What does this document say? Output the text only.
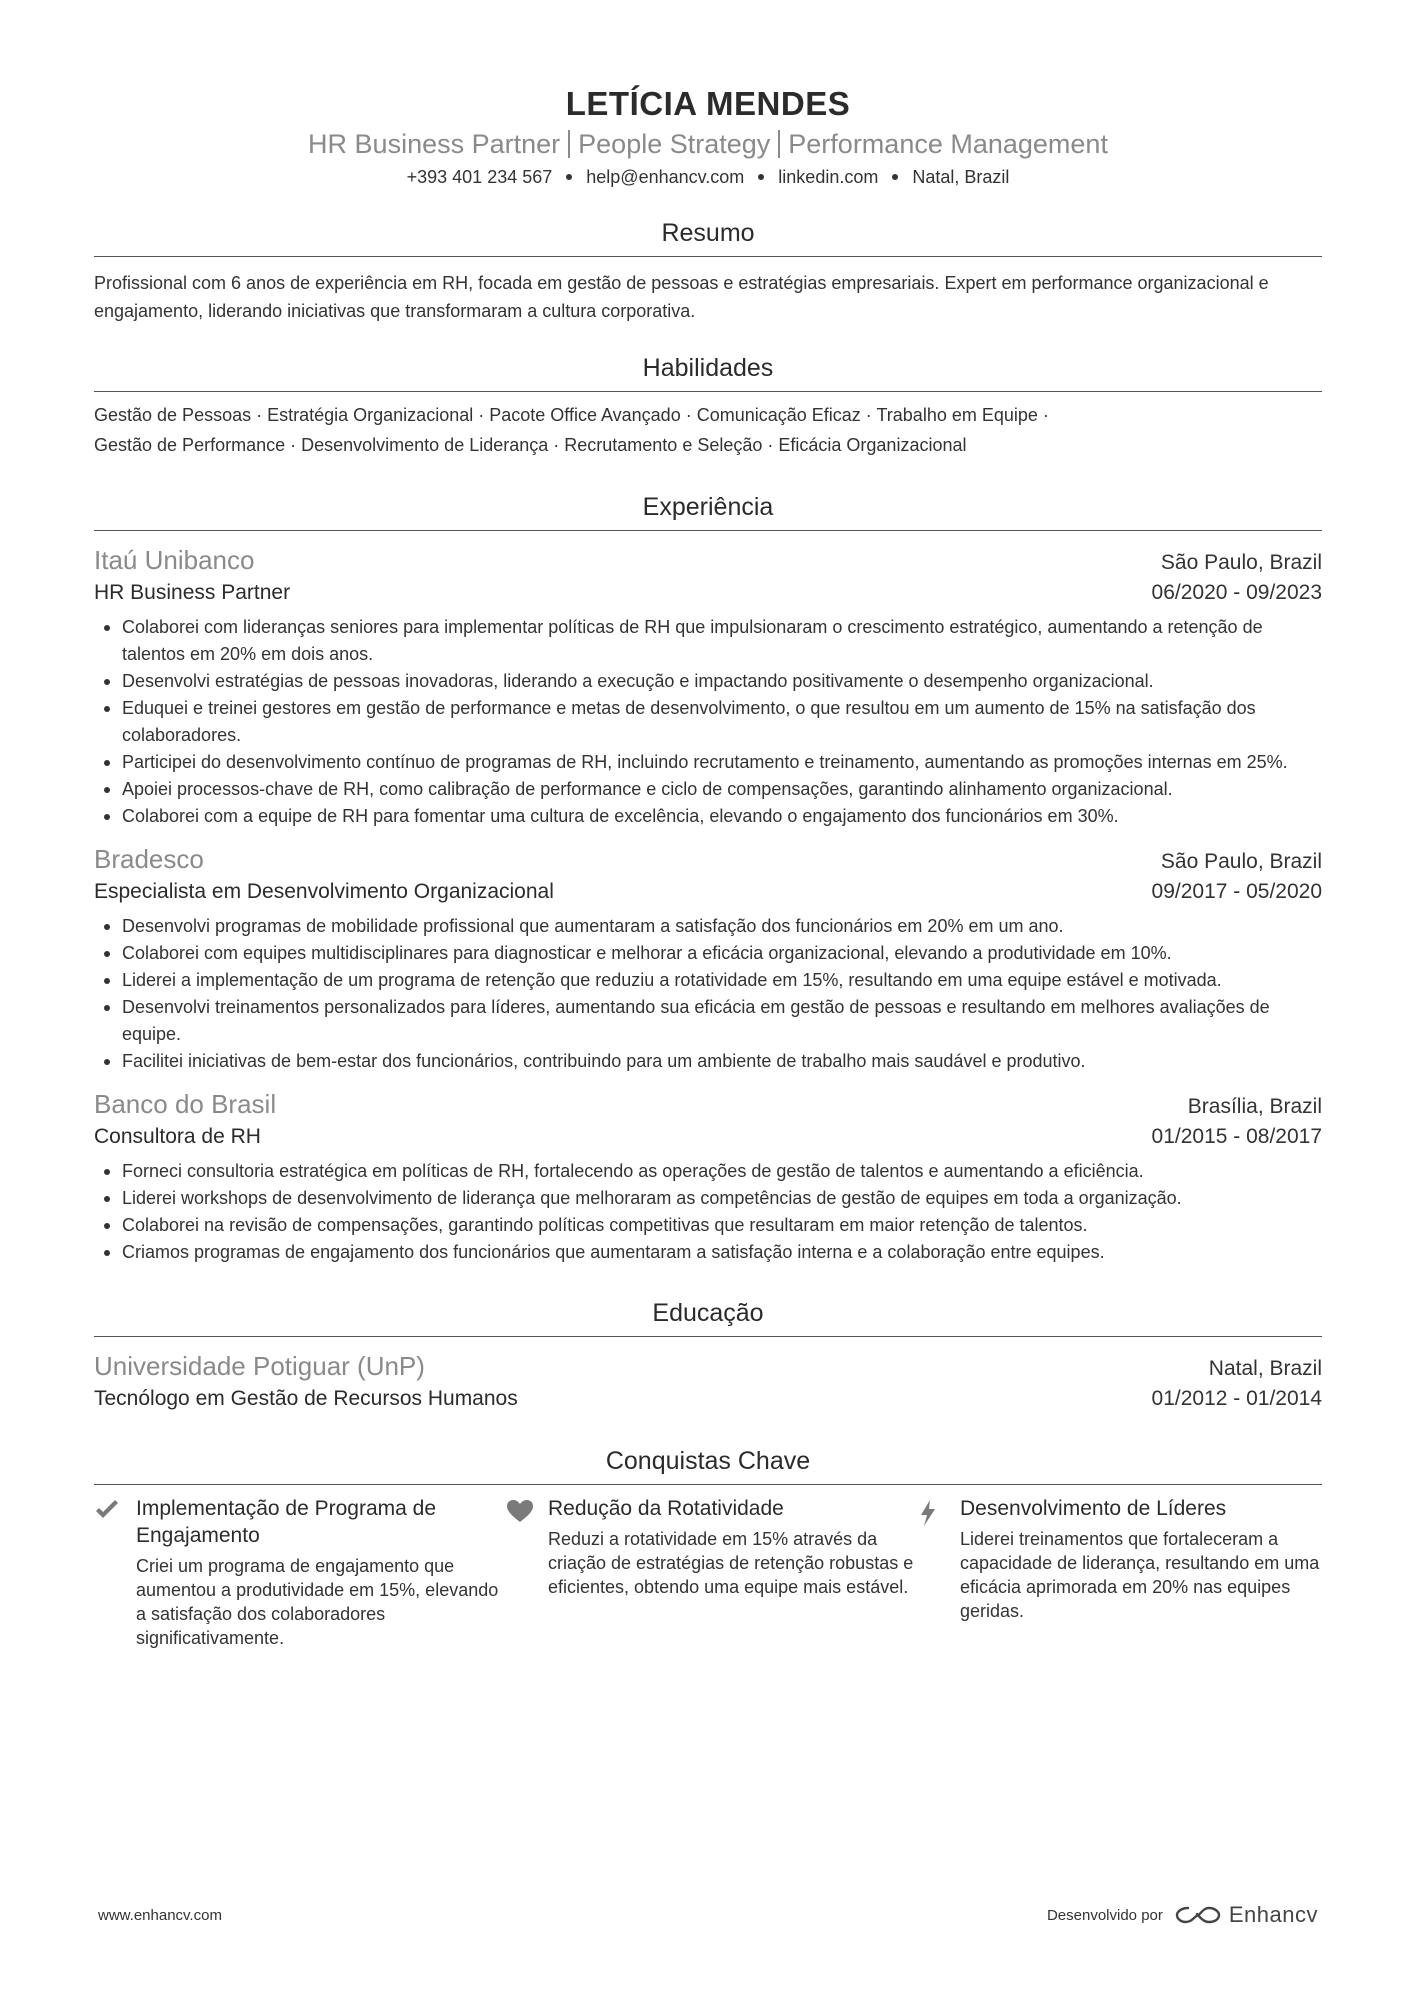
LETÍCIA MENDES
HR Business Partner People Strategy Performance Management
+393 401 234 567 help@enhancv.com linkedin.com Natal, Brazil
Resumo
Profissional com 6 anos de experiência em RH, focada em gestão de pessoas e estratégias empresariais. Expert em performance organizacional e engajamento, liderando iniciativas que transformaram a cultura corporativa.
Habilidades
Gestão de Pessoas · Estratégia Organizacional · Pacote Office Avançado · Comunicação Eficaz · Trabalho em Equipe ·
Gestão de Performance · Desenvolvimento de Liderança · Recrutamento e Seleção · Eficácia Organizacional
Experiência
Itaú Unibanco	São Paulo, Brazil
HR Business Partner	06/2020 - 09/2023
Colaborei com lideranças seniores para implementar políticas de RH que impulsionaram o crescimento estratégico, aumentando a retenção de talentos em 20% em dois anos.
Desenvolvi estratégias de pessoas inovadoras, liderando a execução e impactando positivamente o desempenho organizacional.
Eduquei e treinei gestores em gestão de performance e metas de desenvolvimento, o que resultou em um aumento de 15% na satisfação dos colaboradores.
Participei do desenvolvimento contínuo de programas de RH, incluindo recrutamento e treinamento, aumentando as promoções internas em 25%.
Apoiei processos-chave de RH, como calibração de performance e ciclo de compensações, garantindo alinhamento organizacional.
Colaborei com a equipe de RH para fomentar uma cultura de excelência, elevando o engajamento dos funcionários em 30%.
Bradesco	São Paulo, Brazil
Especialista em Desenvolvimento Organizacional	09/2017 - 05/2020
Desenvolvi programas de mobilidade profissional que aumentaram a satisfação dos funcionários em 20% em um ano.
Colaborei com equipes multidisciplinares para diagnosticar e melhorar a eficácia organizacional, elevando a produtividade em 10%.
Liderei a implementação de um programa de retenção que reduziu a rotatividade em 15%, resultando em uma equipe estável e motivada.
Desenvolvi treinamentos personalizados para líderes, aumentando sua eficácia em gestão de pessoas e resultando em melhores avaliações de equipe.
Facilitei iniciativas de bem-estar dos funcionários, contribuindo para um ambiente de trabalho mais saudável e produtivo.
Banco do Brasil	Brasília, Brazil
Consultora de RH	01/2015 - 08/2017
Forneci consultoria estratégica em políticas de RH, fortalecendo as operações de gestão de talentos e aumentando a eficiência.
Liderei workshops de desenvolvimento de liderança que melhoraram as competências de gestão de equipes em toda a organização.
Colaborei na revisão de compensações, garantindo políticas competitivas que resultaram em maior retenção de talentos.
Criamos programas de engajamento dos funcionários que aumentaram a satisfação interna e a colaboração entre equipes.
Educação
Universidade Potiguar (UnP)	Natal, Brazil
Tecnólogo em Gestão de Recursos Humanos	01/2012 - 01/2014
Conquistas Chave
Implementação de Programa de Engajamento
Criei um programa de engajamento que aumentou a produtividade em 15%, elevando a satisfação dos colaboradores significativamente.
Redução da Rotatividade
Reduzi a rotatividade em 15% através da criação de estratégias de retenção robustas e eficientes, obtendo uma equipe mais estável.
Desenvolvimento de Líderes
Liderei treinamentos que fortaleceram a capacidade de liderança, resultando em uma eficácia aprimorada em 20% nas equipes geridas.
www.enhancv.com	Desenvolvido por	Enhancv
